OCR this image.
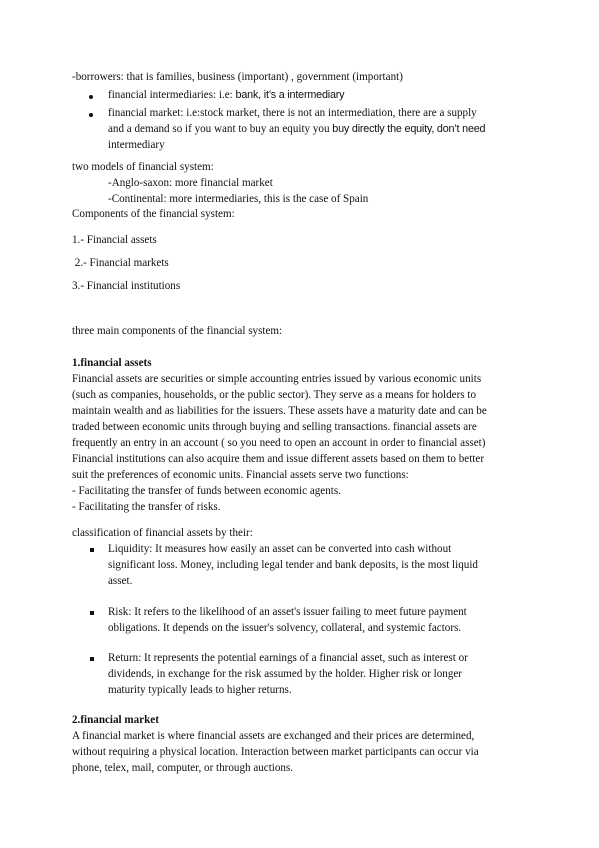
-borrowers: that is families, business (important) , government (important)
financial intermediaries: i.e: bank, it’s a intermediary
financial market: i.e:stock market, there is not an intermediation, there are a supply
and a demand so if you want to buy an equity you buy directly the equity, don’t need
intermediary
two models of financial system:
-Anglo-saxon: more financial market
-Continental: more intermediaries, this is the case of Spain
Components of the financial system:
1.- Financial assets
2.- Financial markets
3.- Financial institutions
three main components of the financial system:
1.financial assets
Financial assets are securities or simple accounting entries issued by various economic units
(such as companies, households, or the public sector). They serve as a means for holders to
maintain wealth and as liabilities for the issuers. These assets have a maturity date and can be
traded between economic units through buying and selling transactions. financial assets are
frequently an entry in an account ( so you need to open an account in order to financial asset)
Financial institutions can also acquire them and issue different assets based on them to better
suit the preferences of economic units. Financial assets serve two functions:
- Facilitating the transfer of funds between economic agents.
- Facilitating the transfer of risks.
classification of financial assets by their:
Liquidity: It measures how easily an asset can be converted into cash without
significant loss. Money, including legal tender and bank deposits, is the most liquid
asset.
Risk: It refers to the likelihood of an asset's issuer failing to meet future payment
obligations. It depends on the issuer's solvency, collateral, and systemic factors.
Return: It represents the potential earnings of a financial asset, such as interest or
dividends, in exchange for the risk assumed by the holder. Higher risk or longer
maturity typically leads to higher returns.
2.financial market
A financial market is where financial assets are exchanged and their prices are determined,
without requiring a physical location. Interaction between market participants can occur via
phone, telex, mail, computer, or through auctions.
